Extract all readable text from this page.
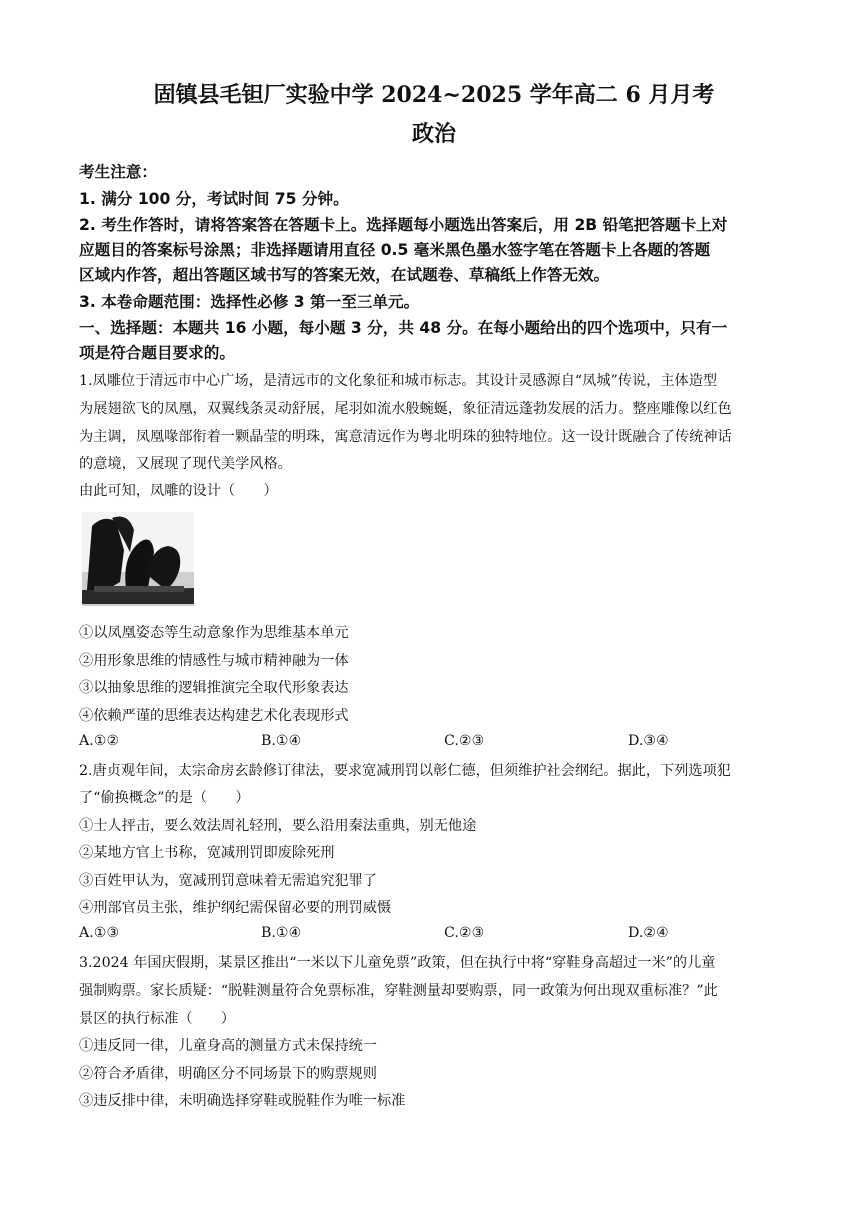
固镇县毛钽厂实验中学 2024~2025 学年高二 6 月月考
政治
考生注意：
1. 满分 100 分，考试时间 75 分钟。
2. 考生作答时，请将答案答在答题卡上。选择题每小题选出答案后，用 2B 铅笔把答题卡上对
应题目的答案标号涂黑；非选择题请用直径 0.5 毫米黑色墨水签字笔在答题卡上各题的答题
区域内作答，超出答题区域书写的答案无效，在试题卷、草稿纸上作答无效。
3. 本卷命题范围：选择性必修 3 第一至三单元。
一、选择题：本题共 16 小题，每小题 3 分，共 48 分。在每小题给出的四个选项中，只有一
项是符合题目要求的。
1.凤雕位于清远市中心广场，是清远市的文化象征和城市标志。其设计灵感源自“凤城”传说，主体造型
为展翅欲飞的凤凰，双翼线条灵动舒展，尾羽如流水般蜿蜒，象征清远蓬勃发展的活力。整座雕像以红色
为主调，凤凰喙部衔着一颗晶莹的明珠，寓意清远作为粤北明珠的独特地位。这一设计既融合了传统神话
的意境，又展现了现代美学风格。
由此可知，凤雕的设计（　　）
①以凤凰姿态等生动意象作为思维基本单元
②用形象思维的情感性与城市精神融为一体
③以抽象思维的逻辑推演完全取代形象表达
④依赖严谨的思维表达构建艺术化表现形式
A.①②	B.①④	C.②③	D.③④
2.唐贞观年间，太宗命房玄龄修订律法，要求宽减刑罚以彰仁德，但须维护社会纲纪。据此，下列选项犯
了“偷换概念”的是（　　）
①士人抨击，要么效法周礼轻刑，要么沿用秦法重典，别无他途
②某地方官上书称，宽减刑罚即废除死刑
③百姓甲认为，宽减刑罚意味着无需追究犯罪了
④刑部官员主张，维护纲纪需保留必要的刑罚威慑
A.①③	B.①④	C.②③	D.②④
3.2024 年国庆假期，某景区推出“一米以下儿童免票”政策，但在执行中将“穿鞋身高超过一米”的儿童
强制购票。家长质疑：“脱鞋测量符合免票标准，穿鞋测量却要购票，同一政策为何出现双重标准？”此
景区的执行标准（　　）
①违反同一律，儿童身高的测量方式未保持统一
②符合矛盾律，明确区分不同场景下的购票规则
③违反排中律，未明确选择穿鞋或脱鞋作为唯一标准
